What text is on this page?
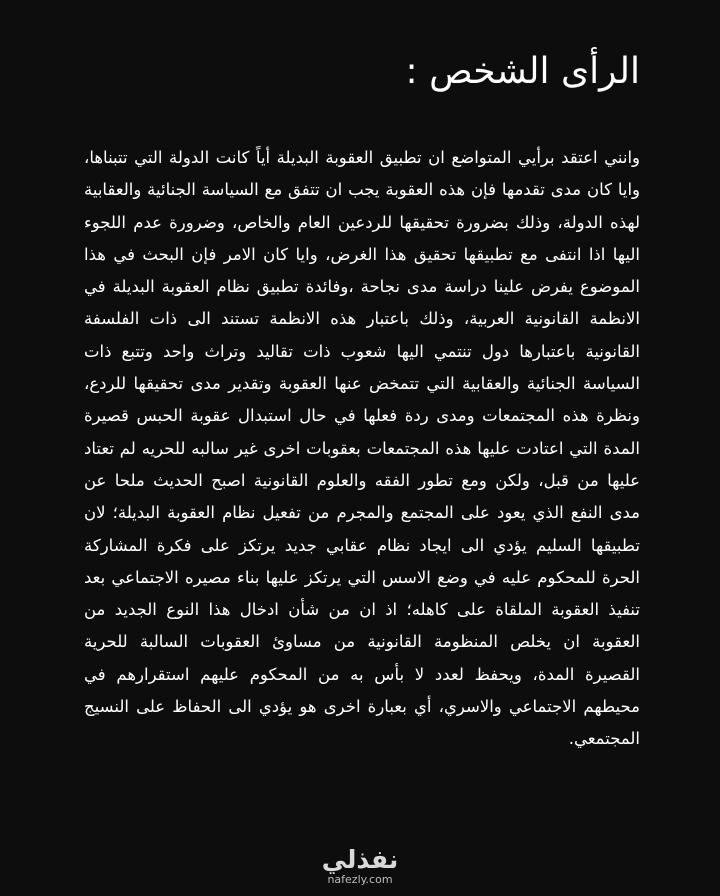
الرأى الشخص :

وانني اعتقد برأيي المتواضع ان تطبيق العقوبة البديلة أياً كانت الدولة التي تتبناها، وايا كان مدى تقدمها فإن هذه العقوبة يجب ان تتفق مع السياسة الجنائية والعقابية لهذه الدولة، وذلك بضرورة تحقيقها للردعين العام والخاص، وضرورة عدم اللجوء اليها اذا انتفى مع تطبيقها تحقيق هذا الغرض، وايا كان الامر فإن البحث في هذا الموضوع يفرض علينا دراسة مدى نجاحة ،وفائدة تطبيق نظام العقوبة البديلة في الانظمة القانونية العربية، وذلك باعتبار هذه الانظمة تستند الى ذات الفلسفة القانونية باعتبارها دول تنتمي اليها شعوب ذات تقاليد وتراث واحد وتتبع ذات السياسة الجنائية والعقابية التي تتمخض عنها العقوبة وتقدير مدى تحقيقها للردع، ونظرة هذه المجتمعات ومدى ردة فعلها في حال استبدال عقوبة الحبس قصيرة المدة التي اعتادت عليها هذه المجتمعات بعقوبات اخرى غير سالبه للحريه لم تعتاد عليها من قبل، ولكن ومع تطور الفقه والعلوم القانونية اصبح الحديث ملحا عن مدى النفع الذي يعود على المجتمع والمجرم من تفعيل نظام العقوبة البديلة؛ لان تطبيقها السليم يؤدي الى ايجاد نظام عقابي جديد يرتكز على فكرة المشاركة الحرة للمحكوم عليه في وضع الاسس التي يرتكز عليها بناء مصيره الاجتماعي بعد تنفيذ العقوبة الملقاة على كاهله؛ اذ ان من شأن ادخال هذا النوع الجديد من العقوبة ان يخلص المنظومة القانونية من مساوئ العقوبات السالبة للحرية القصيرة المدة، ويحفظ لعدد لا بأس به من المحكوم عليهم استقرارهم في محيطهم الاجتماعي والاسري، أي بعبارة اخرى هو يؤدي الى الحفاظ على النسيج المجتمعي.

نفذلي
nafezly.com
